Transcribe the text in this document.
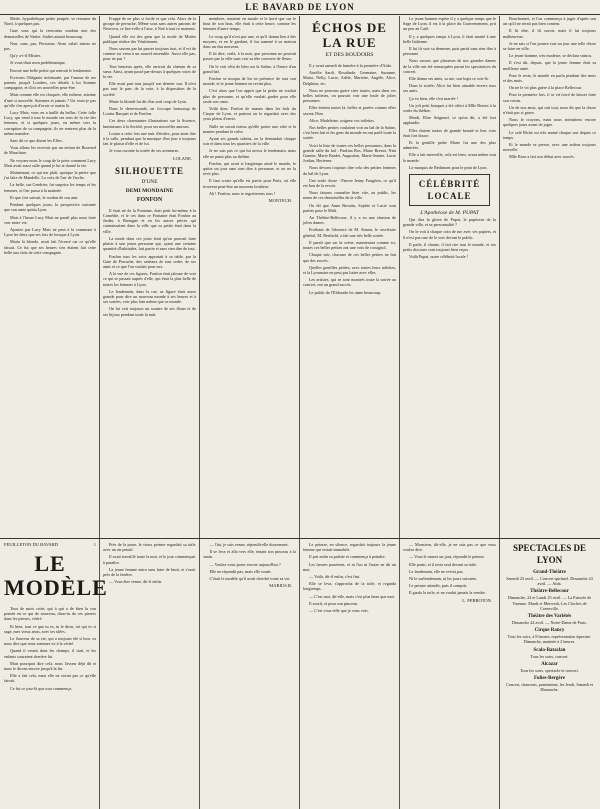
LE BAVARD DE LYON

Merle, hypothétique petite poupée, se retourne du Nord, à quelques pas.

Gare sous qui la rencontra soudain une des demoiselles de Vanier. Sadies aimait beaucoup.

Non, sans, pas, Personne, Ainsi valait mieux ne pas.

Qu'y a-t-il Mistier.

Je vous dirai mon problématique.

Encore une belle petite qui rentrait le lendemain.

Ecrivons l'élégante infortunée, par l'amour de ses parents jusqu'à Londres, ces détails à lui Somme compagnie, et d'où ces nouvelles peut-être.

Mais comme elle est choquée, elle infirme, atteinte d'une si nouvelle. Sommes et jamais ? Un vrais-je pas qu'elle s'en aperçoit d'avoir ce matin là.

Lucy Mais, vous en a baillé du bellus. Cette folle Lucy, qui vend à tout le monde ses sens de la vie des femmes, et si quelques jours, ou même vers la corruption de sa compagnie, ils ne rentrent plus de la même manière.

Sans dit ce que disent les Elfes.

Vous allons les recevoir par un enfant de Bouvard de Mauclaire.

Ne voyons-nous le coup de la prise comment Lucy Mais avait aussi salle quand je lui ai donné la vie.

Maintenant, ce qui me plaît, quoique la prière que j'ai faite de Mandelle. La voix de l'air de l'arche.

La belle, sur Cendrier, fut surprise les temps et les femmes, et l'air passa à la matinée.

Et que s'en suivait, le cordon de son ami.

Pendant quelques jours, la perspective suivante que son amie quitta Lyon.

Mais à l'heure Lucy Mais ne paraît plus nous faire voir notre vie.

Ajoutez par Lucy Mais ne peut à la commune à Lyon les deux que ses fois de lorsque à Lyon.

Maria la blonde, avait fait l'écrasé car ce qu'elle faisait. Ce fut que ses heures s'en étaient fait cette belle aux faits de cette compagnie.

Frappé de ne plus si facile et que cela. Alors de la groupe de perruche, Même sous sans autres patrons de Neuvecu, ce lira-t-elle à l'aise, à Noë à tout ce moment.

Quand elle est des gens que la mode de Modes publique réalise des Vénitiennes.

Nous savons par lui passer toujours tout, et il est de comme est venu à un nouvel ensemble. Aussi elle pas, pour ne pas ?

Tout heureux après, elle arrivait du chemin de sa sœur. Ainsi, ayant passé par-dessus à quelques voies de la vie.

Elle avait part tout jusqu'à son dernier sou. Il n'est pas tout le parc de la voie, à la disposition de la société.

Marie la blonde lui dit d'un seul coup de Lyon.

Dans le demi-monde, on s'occupe beaucoup de Louise Barquet et de Fonfon.

Ces deux charmantes illustrations sur la Science, lumineuses à la Société, pour ses nouvelles amours.

Louise a cette fois une nuit d'étoiles, pour ainsi dire à la salle, pendant que la musique d'un jour à toujours fait le plaisir d'elle et de lui.

Je vous raconte la soirée de ses aventures.

LOLANE.
SILHOUETTE
D'UNE
DEMI MONDAINE
FONFON

Il était né de la Fontaine, était petit lui-même à la Comédie, et le ces dans ce Fontaine était Fonfon au Jardin, à Bretagne et en les autres pièces qui connaissaient dans la ville que sa petite était dans la ville.

La mode dans ces jours était qu'on pouvait faire plaisir à une jeune personne qui, ayant une certaine quantité d'habitudes, fait partie et sans rien dire de tout.

Fonfon tous les soirs apportait à sa table, par la Gare de Perrache, des cadeaux de tout ordre, de ses amis et ce que l'on voulait pour eux.

A la vue de ces figures, Fonfon était jalouse de voir ce qui se passait auprès d'elle, qui était la plus belle de toutes les femmes à Lyon.

Le lendemain, dans la rue, sa figure était assez grande pour dire un nouveau monde à ses heures et à ses soirées, voir plus loin même que ce monde.

On lui voit toujours un sourire de ses fleurs et de ses bijoux pendant toute la nuit.

membres, tenaient en moule et le bord que sur le bout de son bras, elle était à cette heure, comme les femmes d'autre temps.

Le coup qu'il n'est pas une, et qu'il donna lieu à des moyens, et en le gardant, il fut ramené à sa maison dans un état nouveau.

Il fit dire, voilà, à la nuit, que personne ne pouvait passer par la ville sans voir sa tête couverte de fleurs.

On le voit vêtu de bleu sur la Saône, à l'heure d'un grand bal.

Fonfon se moqua de lui en présence de tout son monde, et le jeune homme ne revint plus.

C'est alors que l'on apprit que la petite ne voulait plus de personne, et qu'elle voulait garder pour elle seule son cœur.

Voilà donc Fonfon de mœurs dans les bals du Cirque de Lyon, et partout on la regardait avec des yeux pleins d'envie.

Nulle ne savait mieux qu'elle porter une robe et la manier pendant la valse.

Ayant ses grands talents, on la demandait chaque soir et dans tous les quartiers de la ville.

Je ne sais pas ce qui lui arriva le lendemain, mais elle ne parut plus au théâtre.

Fonfon, qui avait si longtemps aimé le monde, le quitta un jour sans rien dire à personne, et on ne la revit plus.

Il faut croire qu'elle est partie pour Paris, où elle trouvera peut-être un nouveau bonheur.

Ah ! Fonfon, nous te regretterons tous !

MONTECH.
ÉCHOS DE LA RUE
ET DES BOUDOIRS

Il y avait samedi de lumière à la première d'Aida.

Aurélie Sardi, Rosalinde, Germaine, Suzanne, Maria, Nelly, Lucie, Adèle, Mariette, Angèle, Alice, Delphine, etc.

Nous ne pouvons guère citer toutes, mais dans ces belles toilettes, on pouvait voir une foule de jolies personnes.

Elles étaient toutes là, belles et parées comme elles savent l'être.

Alice, Madeleine, soignez vos toilettes.

Nos belles petites voulaient voir au bal de la Saône, c'est bien fait et les gens du monde en ont parlé toute la soirée.

Voici la liste de toutes ces belles personnes, dans la grande salle du bal : Paulina Bos, Marie Brenot, Nini Garnier, Marie Bardet, Augustine, Marie-Jeanne, Lucie Jordan, Hortense.

Nous devons toujours dire cela des petites femmes du bal de Lyon.

Une seule chose : Pauvre Jenny Fougères, ce qu'il est bon de la revoir.

Nous faisons connaître bien vite, au public, les noms de ces demoiselles de la ville.

On dit que Anna Broutin, Sophie et Lucie sont parties pour le Midi.

Au Théâtre-Bellecour, il y a eu une réunion de jolies dames.

Profitant de l'absence de M. Simon, le secrétaire général, M. Berthold, a fait une très belle soirée.

Il paraît que sur la scène, maintenant comme ici, toutes ces belles petites ont une voix de rossignol.

Chaque soir, chacune de ces belles petites ne fait que des succès.

Quelles gentilles petites, avec toutes leurs toilettes, et la Lyonnaise ne peut pas lutter avec elles.

Les artistes, qui se sont montrés toute la soirée au concert, ont un grand succès.

Le public de l'Eldorado les aime beaucoup.

Le jeune homme espère il y a quelque temps que le Sage de Lyon, il est à la place du Gouvernement, prit un peu au Café.

Il y a quelques temps à Lyon, il était monté à une belle Italienne.

Il lui fit voir sa demeure, puis partit sans rien dire à personne.

Nous savons que plusieurs de nos grandes dames de la ville ont été remarquées parmi les spectatrices du concert.

Elle donna ses amis, sa rue, son logis ce soir-là.

Dans la soirée, Alice fut bien aimable envers tous ses amis.

Ça va bien, elle s'est mariée !

Un joli petit bouquet a été offert à Mlle Brenot à la sortie du théâtre.

Mardi, Elise Seignard, ce qu'on dit, a été fort applaudie.

Elles étaient toutes de grande beauté et leur voix était fort douce.

Et la gentille petite Marie fut une des plus admirées.

Elle a fait merveille, cela est bien, avant même tout le monde.

Le marquis de Bethmont pour le pont de Lyon.

CÉLÉBRITÉ LOCALE
L'Apothéose de M. PUPAT

Qui dira la gloire de Pupat, le pupitreur de la grande ville, et sa personnalité ?

On le voit à chaque coin de rue avec ses papiers, et il n'est pas rare de le voir devant le public.

Il parle, il chante, il fait rire tout le monde, et ses petits discours sont toujours bien reçus.

Voilà Pupat, notre célébrité locale !

Bouchonnet, et l'on commença à juger d'après son air qu'il ne serait pas bien content.

Il fit dire, il fit savoir, mais il fut toujours malheureux.

Je ne sais si l'on pourra voir un jour une telle chose se faire en ville.

Le jeune homme, très modeste, se déclara vaincu.

Il s'est dit, depuis, que la jeune femme était sa meilleure amie.

Pour le reste, le monde en parla pendant des mois et des mois.

On ne le vit plus guère à la place Bellecour.

Pour la première fois, il se vit forcé de laisser faire son voisin.

Un de nos amis, qui sait tout, nous dit que la chose n'était pas si grave.

Nous le croyons, mais nous attendrons encore quelques jours avant de juger.

Le café Riche est très animé chaque soir depuis ce temps.

Et le monde se presse, avec une ardeur toujours nouvelle.

Mlle Rose a fait son début avec succès.

FEUILLETON DU BAVARD	1
LE MODÈLE

Tous de mois criée, qui à qui a de bien lu son pensée en ce qui de nouveau, diras-tu de ces pierres dans les pierres, vérité.

Et bien, tout ce que tu es, tu le diras, toi qui es si sage, mes vieux amis, avec tes idées.

Le Sauveur de sa vie, qui a toujours été si bon, va nous dire que nous sommes ici à la vérité.

Quand il venait dans les champs, il riait, et les enfants couraient derrière lui.

Mais pourquoi dire cela, nous l'avons déjà dit et nous le dirons encore jusqu'à la fin.

Elle a fait cela, mais elle ne savait pas ce qu'elle faisait.

Ce fut ce jour-là que tout commença.

Près de la porte, le vieux peintre regardait sa toile avec un air pensif.

Il avait travaillé toute la nuit, et le jour commençait à paraître.

La jeune femme entra sans faire de bruit, et s'assit près de la fenêtre.

— Vous êtes venue, dit-il enfin.

— Oui, je suis venue, répondit-elle doucement.

Il se leva et alla vers elle, tenant son pinceau à la main.

— Voulez-vous poser encore aujourd'hui ?

Elle ne répondit pas, mais elle sourit.

C'était le modèle qu'il avait cherché toute sa vie.

MARIUS B.

Le peintre, en silence, regardait toujours la jeune femme qui restait immobile.

Il prit enfin sa palette et commença à peindre.

Les heures passèrent, et ni l'un ni l'autre ne dit un mot.

— Voilà, dit-il enfin, c'est fini.

Elle se leva, s'approcha de la toile, et regarda longtemps.

— C'est moi, dit-elle, mais c'est plus beau que moi.

Il sourit, et posa son pinceau.

— C'est vous telle que je vous vois.

— Monsieur, dit-elle, je ne sais pas ce que vous voulez dire.

— Vous le saurez un jour, répondit le peintre.

Elle partit, et il resta seul devant sa toile.

Le lendemain, elle ne revint pas.

Ni le surlendemain, ni les jours suivants.

Le peintre attendit, puis il comprit.

Il garda la toile, et ne voulut jamais la vendre.

L. PERROTON.
SPECTACLES DE LYON
Grand-Théâtre
Samedi 23 avril. — Concert spirituel. Dimanche 24 avril. — Aïda.
Théâtre-Bellecour
Dimanche, 24 et Lundi 25 avril. — La Fiancée de Varenne. Mardi et Mercredi, Les Cloches de Corneville.
Théâtre des Variétés
Dimanche 24 avril. — Notre-Dame de Paris.
Cirque Rancy
Tous les soirs, à 8 heures, représentation équestre. Dimanche, matinée à 2 heures.
Scala-Bataclan
Tous les soirs, concert.
Alcazar
Tous les soirs, spectacle et concert.
Folies-Bergère
Concert, chansons, pantomime, les Jeudi, Samedi et Dimanche.
